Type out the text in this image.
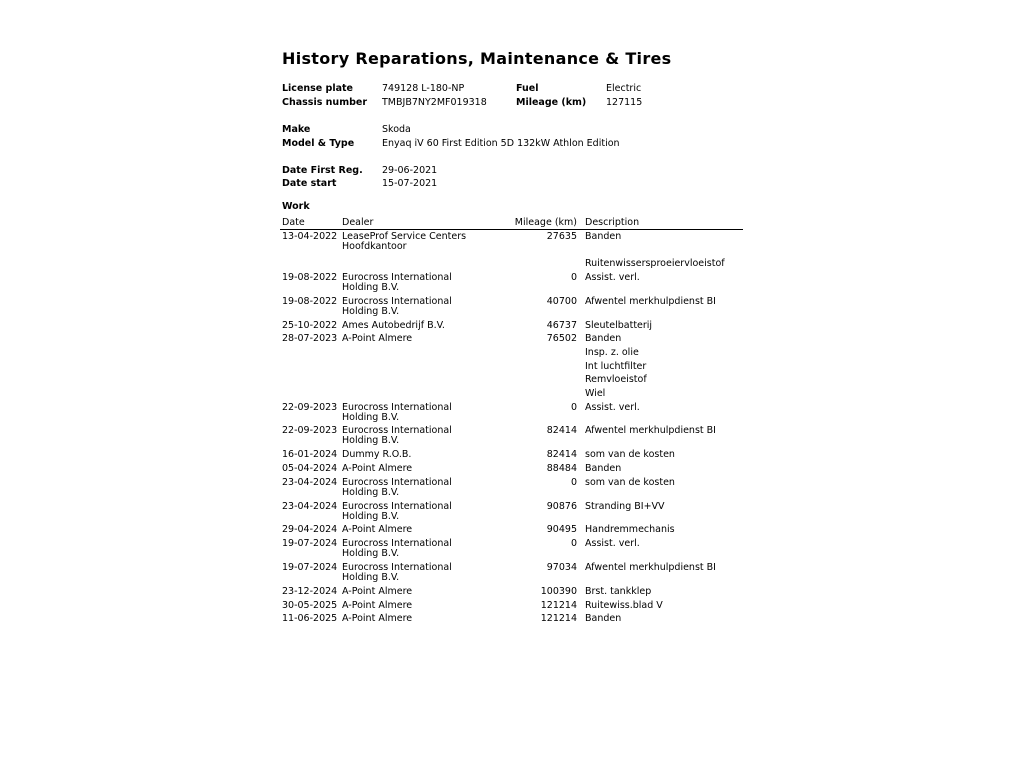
History Reparations, Maintenance & Tires
License plate	749128 L-180-NP
Chassis number TMBJB7NY2MF019318
Fuel	Electric
Mileage (km) 127115
Make	Skoda
Model & Type	Enyaq iV 60 First Edition 5D 132kW Athlon Edition
Date First Reg. 29-06-2021
Date start	15-07-2021
Work
Date	Dealer		Mileage (km)	Description
13-04-2022	LeaseProf Service Centers Hoofdkantoor		27635	Banden
Ruitenwissersproeiervloeistof

19-08-2022	Eurocross International Holding B.V.		0	Assist. verl.

19-08-2022	Eurocross International Holding B.V.		40700	Afwentel merkhulpdienst BI

25-10-2022	Ames Autobedrijf B.V.		46737	Sleutelbatterij

28-07-2023	A-Point Almere		76502	Banden
Insp. z. olie
Int luchtfilter
Remvloeistof
Wiel

22-09-2023	Eurocross International Holding B.V.		0	Assist. verl.

22-09-2023	Eurocross International Holding B.V.		82414	Afwentel merkhulpdienst BI

16-01-2024	Dummy R.O.B.		82414	som van de kosten

05-04-2024	A-Point Almere		88484	Banden

23-04-2024	Eurocross International Holding B.V.		0	som van de kosten

23-04-2024	Eurocross International Holding B.V.		90876	Stranding BI+VV

29-04-2024	A-Point Almere		90495	Handremmechanis

19-07-2024	Eurocross International Holding B.V.		0	Assist. verl.

19-07-2024	Eurocross International Holding B.V.		97034	Afwentel merkhulpdienst BI

23-12-2024	A-Point Almere		100390	Brst. tankklep

30-05-2025	A-Point Almere		121214	Ruitewiss.blad V

11-06-2025	A-Point Almere		121214	Banden
